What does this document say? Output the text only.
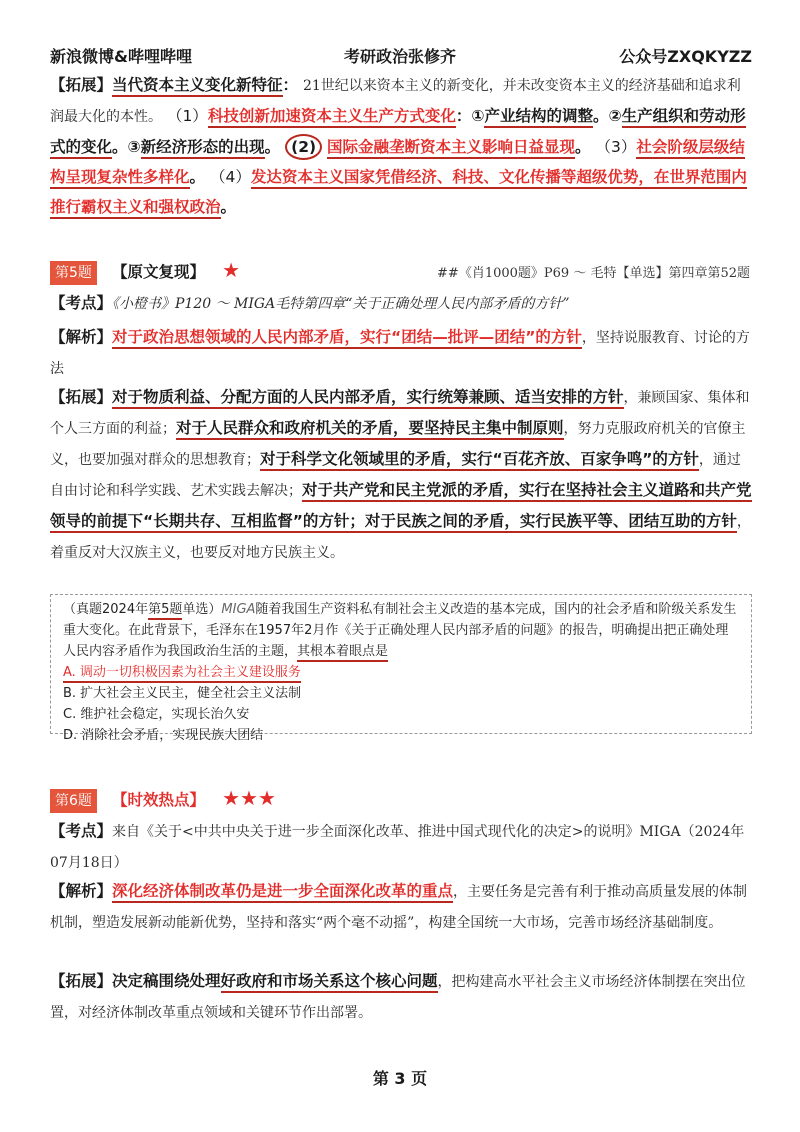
新浪微博&哔哩哔哩	考研政治张修齐	公众号ZXQKYZZ
【拓展】当代资本主义变化新特征： 21世纪以来资本主义的新变化，并未改变资本主义的经济基础和追求利润最大化的本性。 （1）科技创新加速资本主义生产方式变化：①产业结构的调整。②生产组织和劳动形式的变化。③新经济形态的出现。 (2) 国际金融垄断资本主义影响日益显现。 （3）社会阶级层级结构呈现复杂性多样化。 （4）发达资本主义国家凭借经济、科技、文化传播等超级优势，在世界范围内推行霸权主义和强权政治。
第5题 【原文复现】 ★	##《肖1000题》P69 ～ 毛特【单选】第四章第52题
【考点】《小橙书》P120 ～ MIGA毛特第四章“关于正确处理人民内部矛盾的方针”
【解析】对于政治思想领域的人民内部矛盾，实行“团结—批评—团结”的方针，坚持说服教育、讨论的方法
【拓展】对于物质利益、分配方面的人民内部矛盾，实行统筹兼顾、适当安排的方针，兼顾国家、集体和个人三方面的利益；对于人民群众和政府机关的矛盾，要坚持民主集中制原则，努力克服政府机关的官僚主义，也要加强对群众的思想教育；对于科学文化领域里的矛盾，实行“百花齐放、百家争鸣”的方针，通过自由讨论和科学实践、艺术实践去解决；对于共产党和民主党派的矛盾，实行在坚持社会主义道路和共产党领导的前提下“长期共存、互相监督”的方针；对于民族之间的矛盾，实行民族平等、团结互助的方针，着重反对大汉族主义，也要反对地方民族主义。
（真题2024年第5题单选）MIGA随着我国生产资料私有制社会主义改造的基本完成，国内的社会矛盾和阶级关系发生重大变化。在此背景下，毛泽东在1957年2月作《关于正确处理人民内部矛盾的问题》的报告，明确提出把正确处理人民内容矛盾作为我国政治生活的主题，其根本着眼点是
A. 调动一切积极因素为社会主义建设服务
B. 扩大社会主义民主，健全社会主义法制
C. 维护社会稳定，实现长治久安
D. 消除社会矛盾，实现民族大团结
第6题 【时效热点】 ★★★
【考点】来自《关于<中共中央关于进一步全面深化改革、推进中国式现代化的决定>的说明》MIGA（2024年07月18日）
【解析】深化经济体制改革仍是进一步全面深化改革的重点，主要任务是完善有利于推动高质量发展的体制机制，塑造发展新动能新优势，坚持和落实“两个毫不动摇”，构建全国统一大市场，完善市场经济基础制度。
【拓展】决定稿围绕处理好政府和市场关系这个核心问题，把构建高水平社会主义市场经济体制摆在突出位置，对经济体制改革重点领域和关键环节作出部署。
第 3 页
